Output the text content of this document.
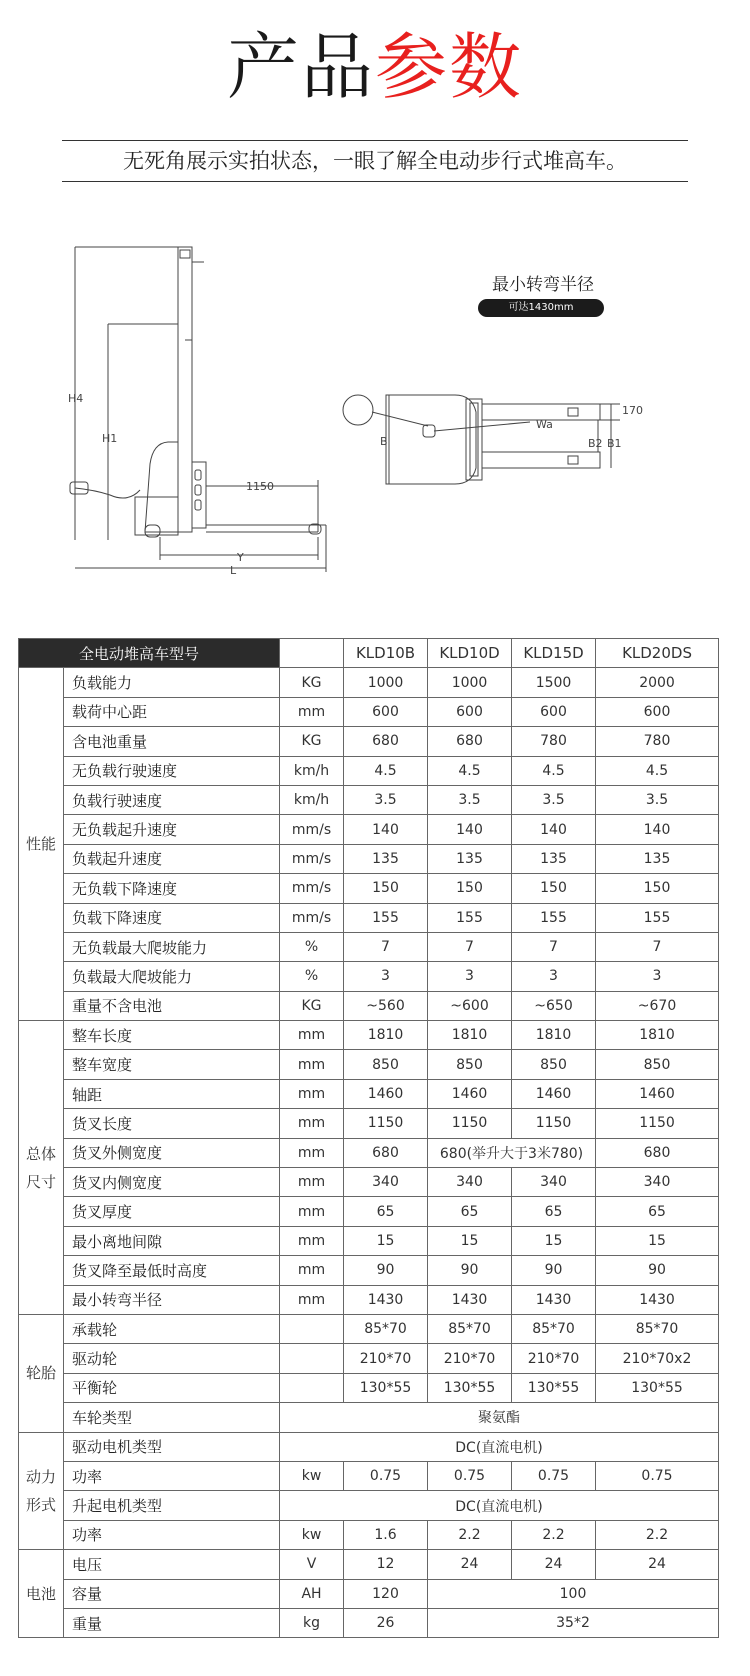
产品参数
无死角展示实拍状态，一眼了解全电动步行式堆高车。
H4
H1
1150
Y
L
B
Wa
B2 B1
170
最小转弯半径
可达1430mm
全电动堆高车型号			KLD10B	KLD10D	KLD15D	KLD20DS
性能	负载能力	KG	1000	1000	1500	2000
	载荷中心距	mm	600	600	600	600
	含电池重量	KG	680	680	780	780
	无负载行驶速度	km/h	4.5	4.5	4.5	4.5
	负载行驶速度	km/h	3.5	3.5	3.5	3.5
	无负载起升速度	mm/s	140	140	140	140
	负载起升速度	mm/s	135	135	135	135
	无负载下降速度	mm/s	150	150	150	150
	负载下降速度	mm/s	155	155	155	155
	无负载最大爬坡能力	%	7	7	7	7
	负载最大爬坡能力	%	3	3	3	3
	重量不含电池	KG	~560	~600	~650	~670
总体尺寸	整车长度	mm	1810	1810	1810	1810
	整车宽度	mm	850	850	850	850
	轴距	mm	1460	1460	1460	1460
	货叉长度	mm	1150	1150	1150	1150
	货叉外侧宽度	mm	680	680(举升大于3米780)		680
	货叉内侧宽度	mm	340	340	340	340
	货叉厚度	mm	65	65	65	65
	最小离地间隙	mm	15	15	15	15
	货叉降至最低时高度	mm	90	90	90	90
	最小转弯半径	mm	1430	1430	1430	1430
轮胎	承载轮		85*70	85*70	85*70	85*70
	驱动轮		210*70	210*70	210*70	210*70x2
	平衡轮		130*55	130*55	130*55	130*55
	车轮类型	聚氨酯				
动力形式	驱动电机类型	DC(直流电机)				
	功率	kw	0.75	0.75	0.75	0.75
	升起电机类型	DC(直流电机)				
	功率	kw	1.6	2.2	2.2	2.2
电池	电压	V	12	24	24	24
	容量	AH	120	100		
	重量	kg	26	35*2		
